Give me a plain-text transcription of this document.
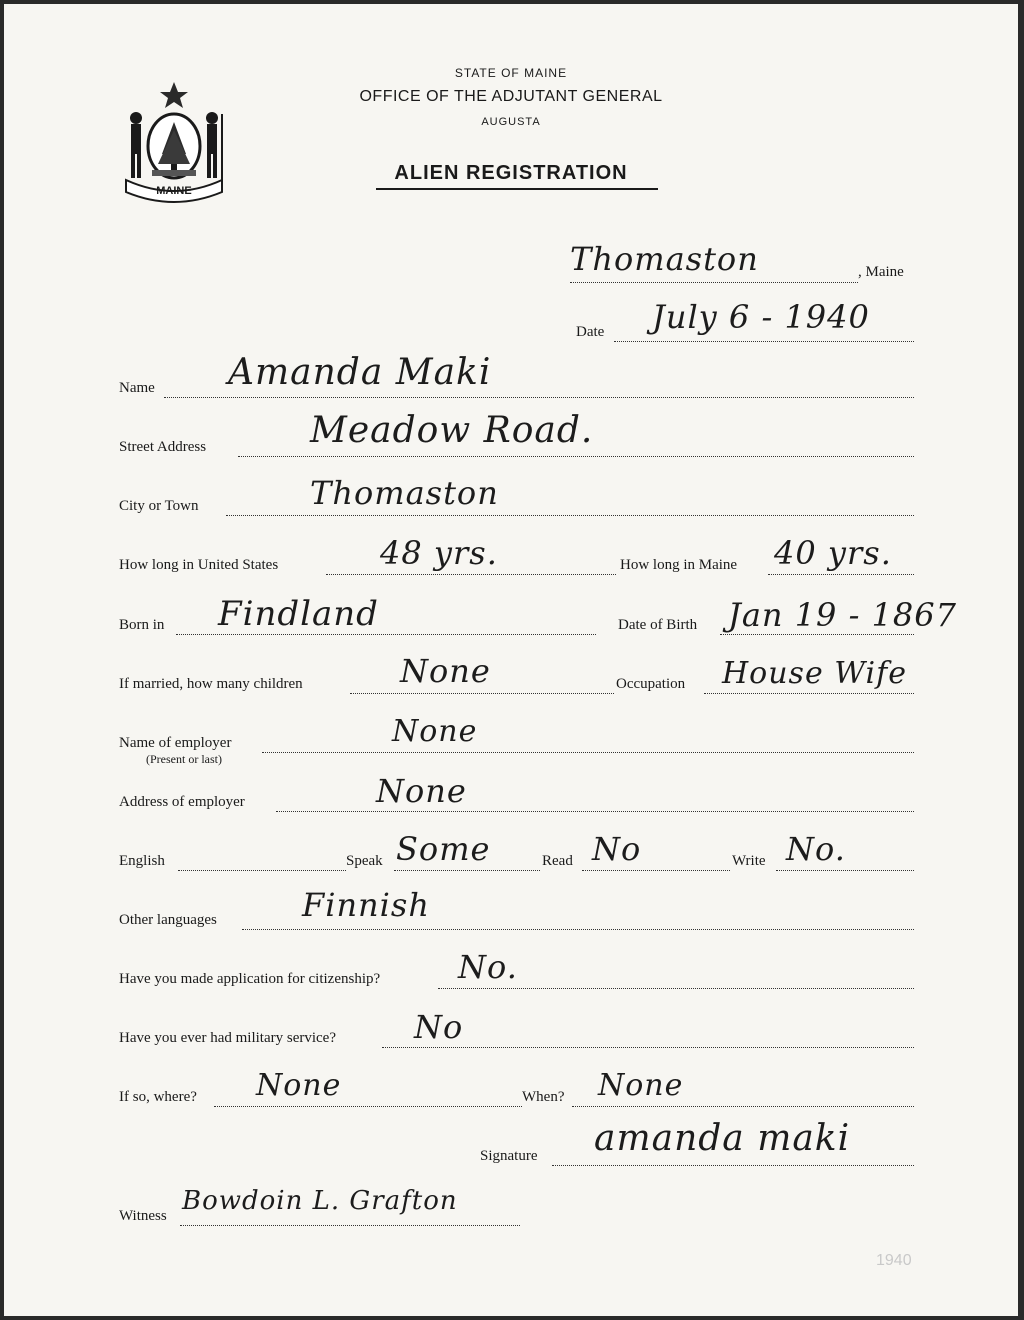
MAINE
STATE OF MAINE
OFFICE OF THE ADJUTANT GENERAL
AUGUSTA
ALIEN REGISTRATION
Thomaston	, Maine
Date July 6 - 1940
Name Amanda Maki
Street Address	Meadow Road.
City or Town	Thomaston
How long in United States	48 yrs.	How long in Maine 40 yrs.
Born in Findland	Date of Birth Jan 19 - 1867
If married, how many children	None	Occupation House Wife
Name of employer
(Present or last)
None
Address of employer	None
English	Speak Some	Read No	Write No.
Other languages	Finnish
Have you made application for citizenship? No.
Have you ever had military service? No
If so, where? None	When? None
Signature amanda maki
Witness Bowdoin L. Grafton
1940
